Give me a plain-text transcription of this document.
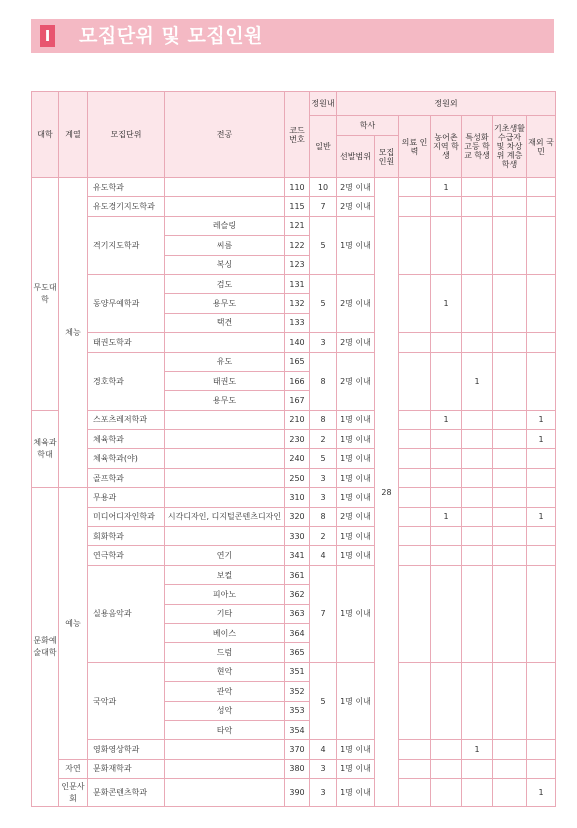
I 모집단위 및 모집인원
대학	계열	모집단위	전공	코드 번호	정원내	정원외						
					일반	학사		의료 인력	농어촌 지역 학생	특성화 고등 학교 학생	기초생활 수급자 및 차상위 계층학생	재외 국민
						선발범위	모집 인원					
무도대학	체능	유도학과		110	10	2명 이내	28		1			
		유도경기지도학과		115	7	2명 이내						
		격기지도학과	레슬링	121	5	1명 이내						
			씨름	122								
			복싱	123								
		동양무예학과	검도	131	5	2명 이내			1			
			용무도	132								
			택견	133								
		태권도학과		140	3	2명 이내						
		경호학과	유도	165	8	2명 이내				1		
			태권도	166								
			용무도	167								
체육과학대		스포츠레저학과		210	8	1명 이내			1			1
		체육학과		230	2	1명 이내						1
		체육학과(야)		240	5	1명 이내						
		골프학과		250	3	1명 이내						
문화예술대학	예능	무용과		310	3	1명 이내						
		미디어디자인학과	시각디자인, 디지털콘텐츠디자인	320	8	2명 이내			1			1
		회화학과		330	2	1명 이내						
		연극학과	연기	341	4	1명 이내						
		실용음악과	보컬	361	7	1명 이내						
			피아노	362								
			기타	363								
			베이스	364								
			드럼	365								
		국악과	현악	351	5	1명 이내						
			관악	352								
			성악	353								
			타악	354								
		영화영상학과		370	4	1명 이내				1		
	자연	문화재학과		380	3	1명 이내						
	인문사회	문화콘텐츠학과		390	3	1명 이내						1
